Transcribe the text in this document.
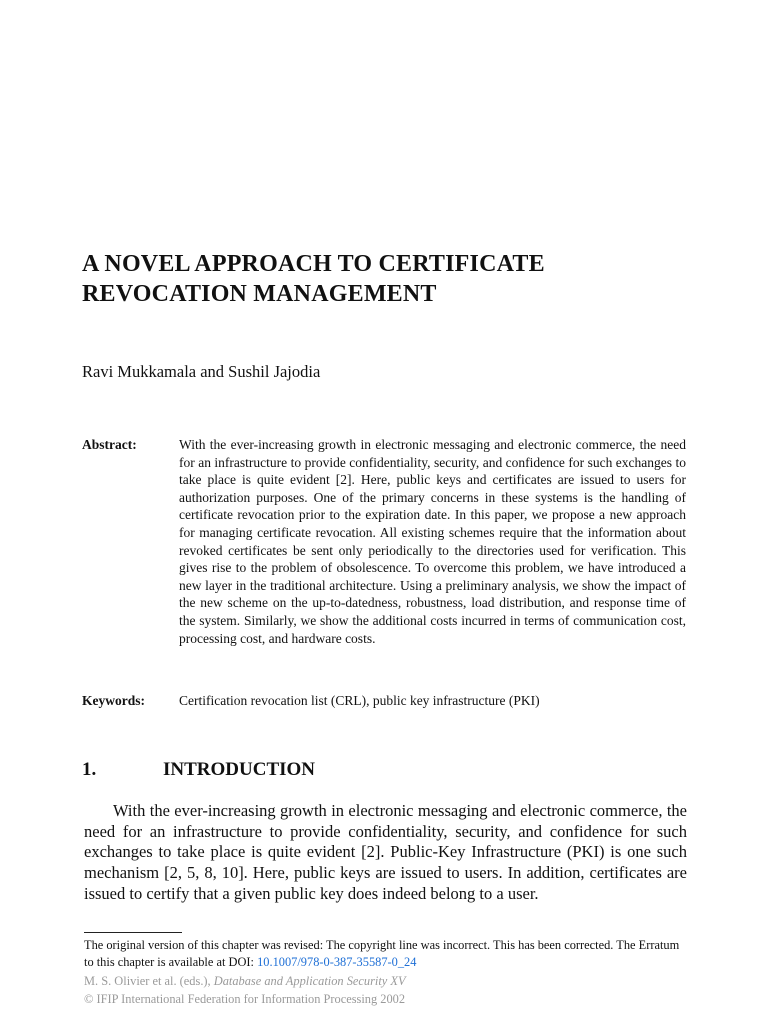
A NOVEL APPROACH TO CERTIFICATE
REVOCATION MANAGEMENT
Ravi Mukkamala and Sushil Jajodia
Abstract:	With the ever-increasing growth in electronic messaging and electronic commerce, the need for an infrastructure to provide confidentiality, security, and confidence for such exchanges to take place is quite evident [2]. Here, public keys and certificates are issued to users for authorization purposes. One of the primary concerns in these systems is the handling of certificate revocation prior to the expiration date. In this paper, we propose a new approach for managing certificate revocation. All existing schemes require that the information about revoked certificates be sent only periodically to the directories used for verification. This gives rise to the problem of obsolescence. To overcome this problem, we have introduced a new layer in the traditional architecture. Using a preliminary analysis, we show the impact of the new scheme on the up-to-datedness, robustness, load distribution, and response time of the system. Similarly, we show the additional costs incurred in terms of communication cost, processing cost, and hardware costs.

Keywords:	Certification revocation list (CRL), public key infrastructure (PKI)
1.	INTRODUCTION

With the ever-increasing growth in electronic messaging and electronic commerce, the need for an infrastructure to provide confidentiality, security, and confidence for such exchanges to take place is quite evident [2]. Public-Key Infrastructure (PKI) is one such mechanism [2, 5, 8, 10]. Here, public keys are issued to users. In addition, certificates are issued to certify that a given public key does indeed belong to a user.

The original version of this chapter was revised: The copyright line was incorrect. This has been corrected. The Erratum to this chapter is available at DOI: 10.1007/978-0-387-35587-0_24

M. S. Olivier et al. (eds.), Database and Application Security XV
© IFIP International Federation for Information Processing 2002
